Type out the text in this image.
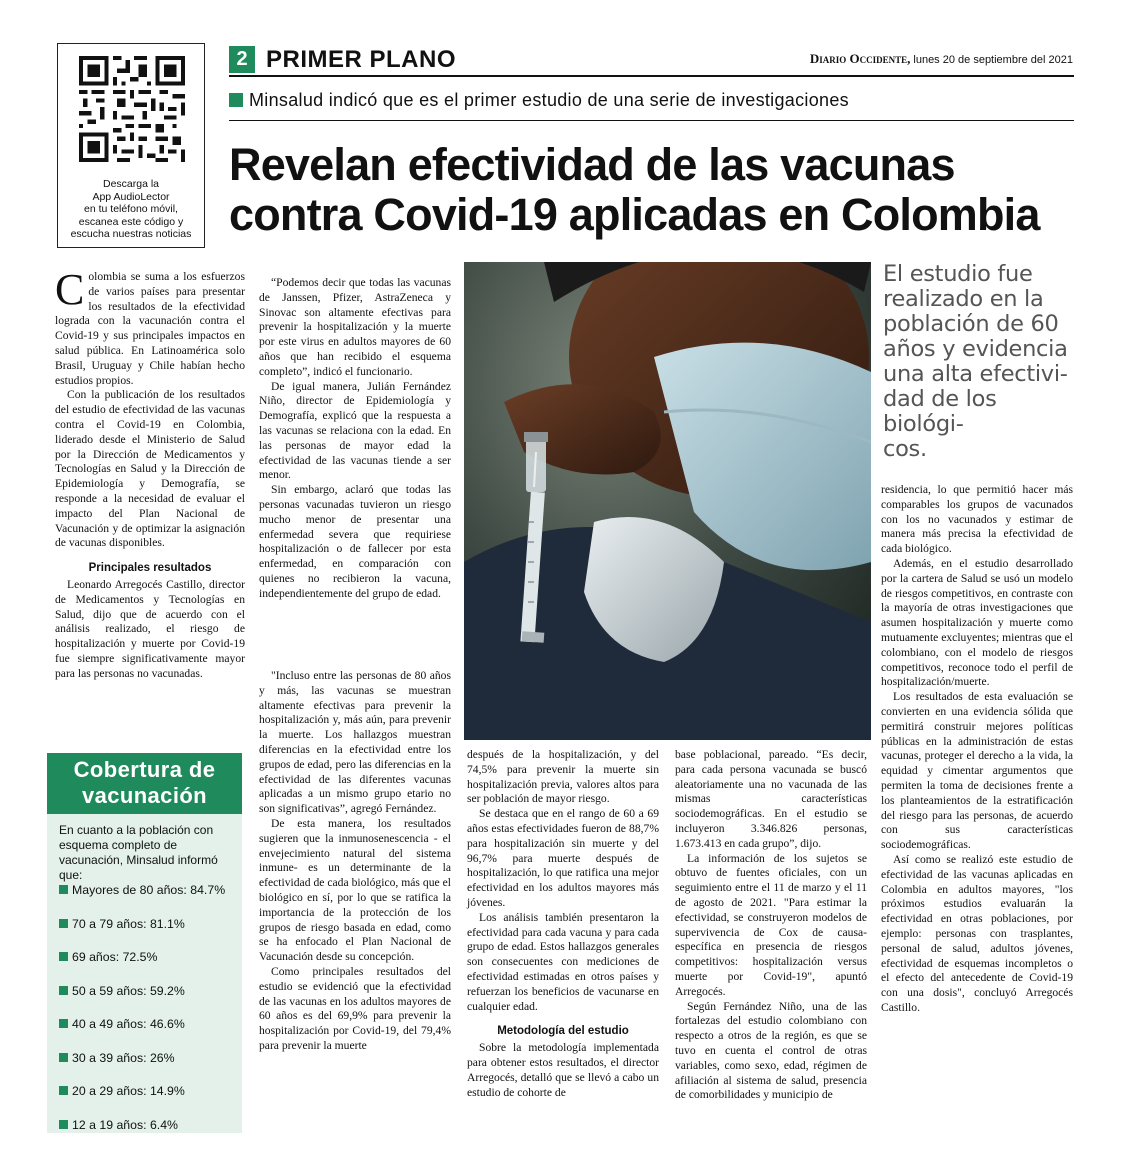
Descarga la
App AudioLector
en tu teléfono móvil,
escanea este código y
escucha nuestras noticias
2 PRIMER PLANO	Diario Occidente, lunes 20 de septiembre del 2021
Minsalud indicó que es el primer estudio de una serie de investigaciones
Revelan efectividad de las vacunas
contra Covid-19 aplicadas en Colombia

Colombia se suma a los esfuerzos de varios países para presentar los resultados de la efectividad lograda con la vacunación contra el Covid-19 y sus principales impactos en salud pública. En Latinoamérica solo Brasil, Uruguay y Chile habían hecho estudios propios.

Con la publicación de los resultados del estudio de efectividad de las vacunas contra el Covid-19 en Colombia, liderado desde el Ministerio de Salud por la Dirección de Medicamentos y Tecnologías en Salud y la Dirección de Epidemiología y Demografía, se responde a la necesidad de evaluar el impacto del Plan Nacional de Vacunación y de optimizar la asignación de vacunas disponibles.

Principales resultados

Leonardo Arregocés Castillo, director de Medicamentos y Tecnologías en Salud, dijo que de acuerdo con el análisis realizado, el riesgo de hospitalización y muerte por Covid-19 fue siempre significativamente mayor para las personas no vacunadas.

Cobertura de
vacunación
En cuanto a la población con esquema completo de vacunación, Minsalud informó que:
Mayores de 80 años: 84.7%
70 a 79 años: 81.1%
69 años: 72.5%
50 a 59 años: 59.2%
40 a 49 años: 46.6%
30 a 39 años: 26%
20 a 29 años: 14.9%
12 a 19 años: 6.4%

“Podemos decir que todas las vacunas de Janssen, Pfizer, AstraZeneca y Sinovac son altamente efectivas para prevenir la hospitalización y la muerte por este virus en adultos mayores de 60 años que han recibido el esquema completo”, indicó el funcionario.

De igual manera, Julián Fernández Niño, director de Epidemiología y Demografía, explicó que la respuesta a las vacunas se relaciona con la edad. En las personas de mayor edad la efectividad de las vacunas tiende a ser menor.

Sin embargo, aclaró que todas las personas vacunadas tuvieron un riesgo mucho menor de presentar una enfermedad severa que requiriese hospitalización o de fallecer por esta enfermedad, en comparación con quienes no recibieron la vacuna, independientemente del grupo de edad.

"Incluso entre las personas de 80 años y más, las vacunas se muestran altamente efectivas para prevenir la hospitalización y, más aún, para prevenir la muerte. Los hallazgos muestran diferencias en la efectividad entre los grupos de edad, pero las diferencias en la efectividad de las diferentes vacunas aplicadas a un mismo grupo etario no son significativas”, agregó Fernández.

De esta manera, los resultados sugieren que la inmunosenescencia - el envejecimiento natural del sistema inmune- es un determinante de la efectividad de cada biológico, más que el biológico en sí, por lo que se ratifica la importancia de la protección de los grupos de riesgo basada en edad, como se ha enfocado el Plan Nacional de Vacunación desde su concepción.

Como principales resultados del estudio se evidenció que la efectividad de las vacunas en los adultos mayores de 60 años es del 69,9% para prevenir la hospitalización por Covid-19, del 79,4% para prevenir la muerte

El estudio fue
realizado en la
población de 60
años y evidencia
una alta efectivi-
dad de los biológi-
cos.

después de la hospitalización, y del 74,5% para prevenir la muerte sin hospitalización previa, valores altos para ser población de mayor riesgo.

Se destaca que en el rango de 60 a 69 años estas efectividades fueron de 88,7% para hospitalización sin muerte y del 96,7% para muerte después de hospitalización, lo que ratifica una mejor efectividad en los adultos mayores más jóvenes.

Los análisis también presentaron la efectividad para cada vacuna y para cada grupo de edad. Estos hallazgos generales son consecuentes con mediciones de efectividad estimadas en otros países y refuerzan los beneficios de vacunarse en cualquier edad.

Metodología del estudio

Sobre la metodología implementada para obtener estos resultados, el director Arregocés, detalló que se llevó a cabo un estudio de cohorte de

base poblacional, pareado. “Es decir, para cada persona vacunada se buscó aleatoriamente una no vacunada de las mismas características sociodemográficas. En el estudio se incluyeron 3.346.826 personas, 1.673.413 en cada grupo”, dijo.

La información de los sujetos se obtuvo de fuentes oficiales, con un seguimiento entre el 11 de marzo y el 11 de agosto de 2021. "Para estimar la efectividad, se construyeron modelos de supervivencia de Cox de causa-específica en presencia de riesgos competitivos: hospitalización versus muerte por Covid-19", apuntó Arregocés.

Según Fernández Niño, una de las fortalezas del estudio colombiano con respecto a otros de la región, es que se tuvo en cuenta el control de otras variables, como sexo, edad, régimen de afiliación al sistema de salud, presencia de comorbilidades y municipio de

residencia, lo que permitió hacer más comparables los grupos de vacunados con los no vacunados y estimar de manera más precisa la efectividad de cada biológico.

Además, en el estudio desarrollado por la cartera de Salud se usó un modelo de riesgos competitivos, en contraste con la mayoría de otras investigaciones que asumen hospitalización y muerte como mutuamente excluyentes; mientras que el colombiano, con el modelo de riesgos competitivos, reconoce todo el perfil de hospitalización/muerte.

Los resultados de esta evaluación se convierten en una evidencia sólida que permitirá construir mejores políticas públicas en la administración de estas vacunas, proteger el derecho a la vida, la equidad y cimentar argumentos que permiten la toma de decisiones frente a los planteamientos de la estratificación del riesgo para las personas, de acuerdo con sus características sociodemográficas.

Así como se realizó este estudio de efectividad de las vacunas aplicadas en Colombia en adultos mayores, "los próximos estudios evaluarán la efectividad en otras poblaciones, por ejemplo: personas con trasplantes, personal de salud, adultos jóvenes, efectividad de esquemas incompletos o el efecto del antecedente de Covid-19 con una dosis", concluyó Arregocés Castillo.
